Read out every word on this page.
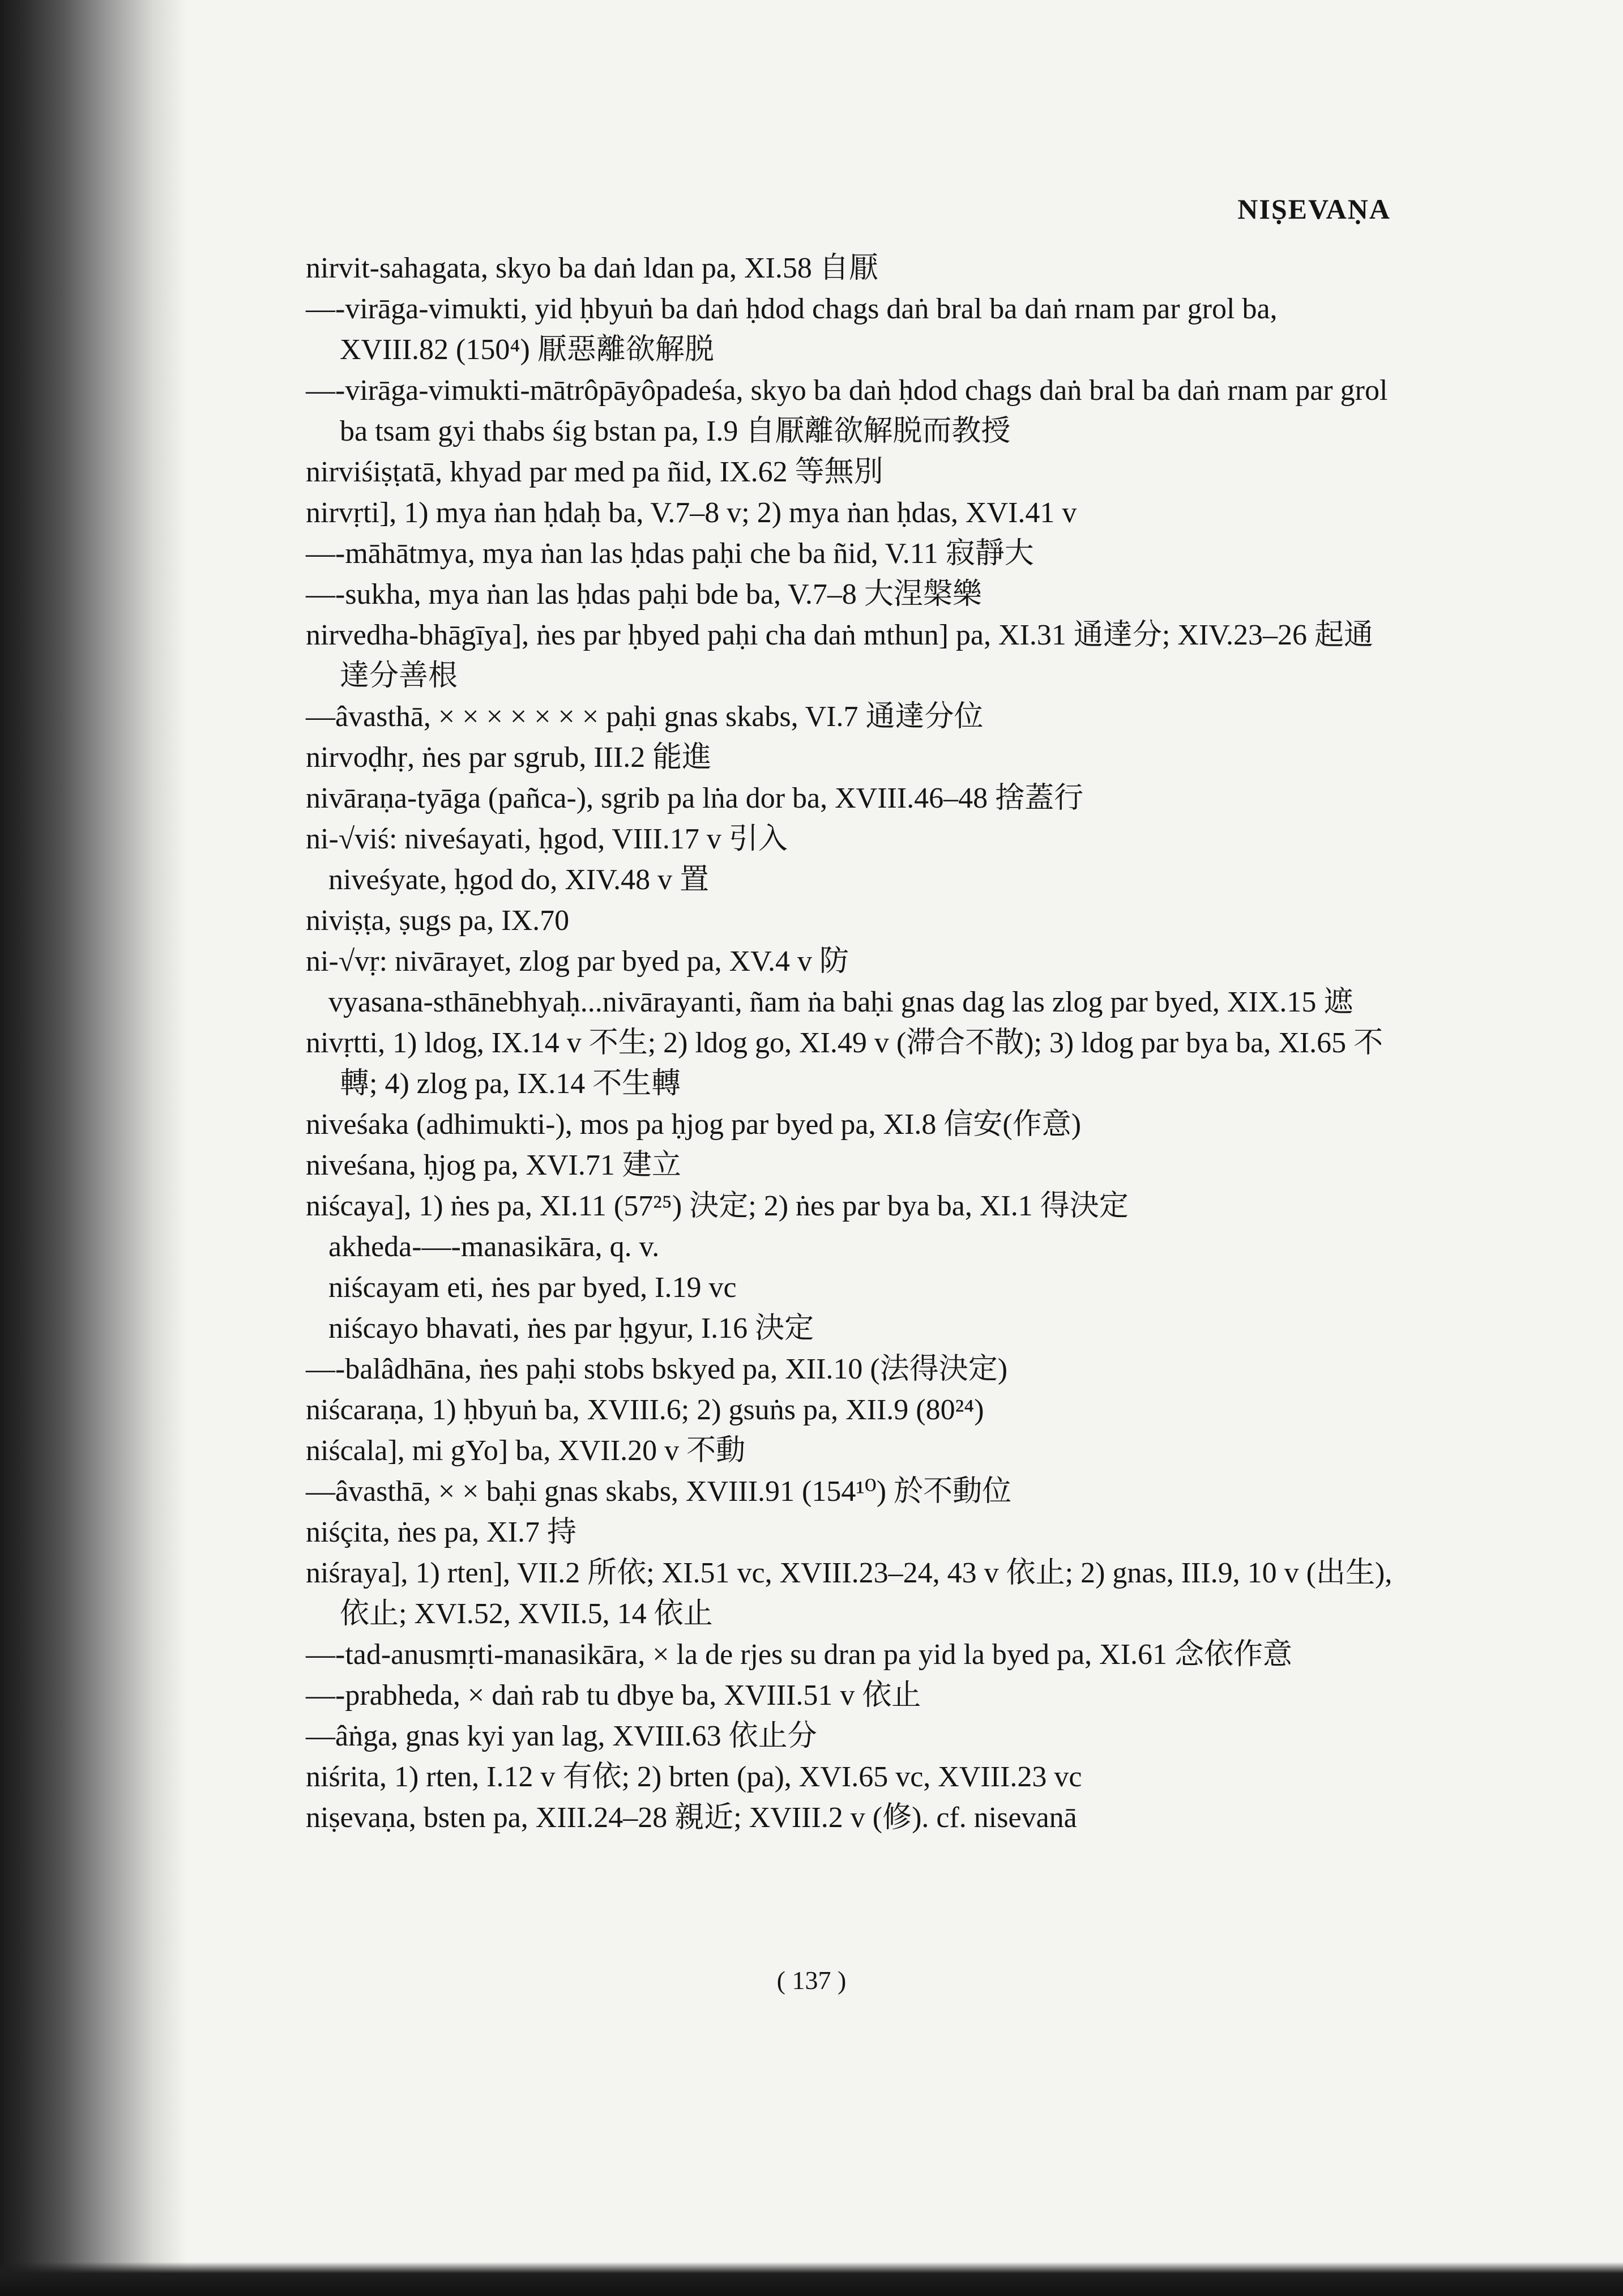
NIṢEVAṆA
nirvit-sahagata, skyo ba daṅ ldan pa, XI.58 自厭
—-virāga-vimukti, yid ḥbyuṅ ba daṅ ḥdod chags daṅ bral ba daṅ rnam par grol ba, XVIII.82 (150⁴) 厭惡離欲解脱
—-virāga-vimukti-mātrôpāyôpadeśa, skyo ba daṅ ḥdod chags daṅ bral ba daṅ rnam par grol ba tsam gyi thabs śig bstan pa, I.9 自厭離欲解脱而教授
nirviśiṣṭatā, khyad par med pa ñid, IX.62 等無別
nirvṛti], 1) mya ṅan ḥdaḥ ba, V.7–8 v; 2) mya ṅan ḥdas, XVI.41 v
—-māhātmya, mya ṅan las ḥdas paḥi che ba ñid, V.11 寂靜大
—-sukha, mya ṅan las ḥdas paḥi bde ba, V.7–8 大涅槃樂
nirvedha-bhāgīya], ṅes par ḥbyed paḥi cha daṅ mthun] pa, XI.31 通達分; XIV.23–26 起通達分善根
—âvasthā, × × × × × × × paḥi gnas skabs, VI.7 通達分位
nirvoḍhṛ, ṅes par sgrub, III.2 能進
nivāraṇa-tyāga (pañca-), sgrib pa lṅa dor ba, XVIII.46–48 捨蓋行
ni-√viś: niveśayati, ḥgod, VIII.17 v 引入
niveśyate, ḥgod do, XIV.48 v 置
niviṣṭa, ṣugs pa, IX.70
ni-√vṛ: nivārayet, zlog par byed pa, XV.4 v 防
vyasana-sthānebhyaḥ...nivārayanti, ñam ṅa baḥi gnas dag las zlog par byed, XIX.15 遮
nivṛtti, 1) ldog, IX.14 v 不生; 2) ldog go, XI.49 v (滞合不散); 3) ldog par bya ba, XI.65 不轉; 4) zlog pa, IX.14 不生轉
niveśaka (adhimukti-), mos pa ḥjog par byed pa, XI.8 信安(作意)
niveśana, ḥjog pa, XVI.71 建立
niścaya], 1) ṅes pa, XI.11 (57²⁵) 決定; 2) ṅes par bya ba, XI.1 得決定
akheda-—-manasikāra, q. v.
niścayam eti, ṅes par byed, I.19 vc
niścayo bhavati, ṅes par ḥgyur, I.16 決定
—-balâdhāna, ṅes paḥi stobs bskyed pa, XII.10 (法得決定)
niścaraṇa, 1) ḥbyuṅ ba, XVIII.6; 2) gsuṅs pa, XII.9 (80²⁴)
niścala], mi gYo] ba, XVII.20 v 不動
—âvasthā, × × baḥi gnas skabs, XVIII.91 (154¹⁰) 於不動位
niśçita, ṅes pa, XI.7 持
niśraya], 1) rten], VII.2 所依; XI.51 vc, XVIII.23–24, 43 v 依止; 2) gnas, III.9, 10 v (出生), 依止; XVI.52, XVII.5, 14 依止
—-tad-anusmṛti-manasikāra, × la de rjes su dran pa yid la byed pa, XI.61 念依作意
—-prabheda, × daṅ rab tu dbye ba, XVIII.51 v 依止
—âṅga, gnas kyi yan lag, XVIII.63 依止分
niśrita, 1) rten, I.12 v 有依; 2) brten (pa), XVI.65 vc, XVIII.23 vc
niṣevaṇa, bsten pa, XIII.24–28 親近; XVIII.2 v (修). cf. nisevanā
( 137 )
